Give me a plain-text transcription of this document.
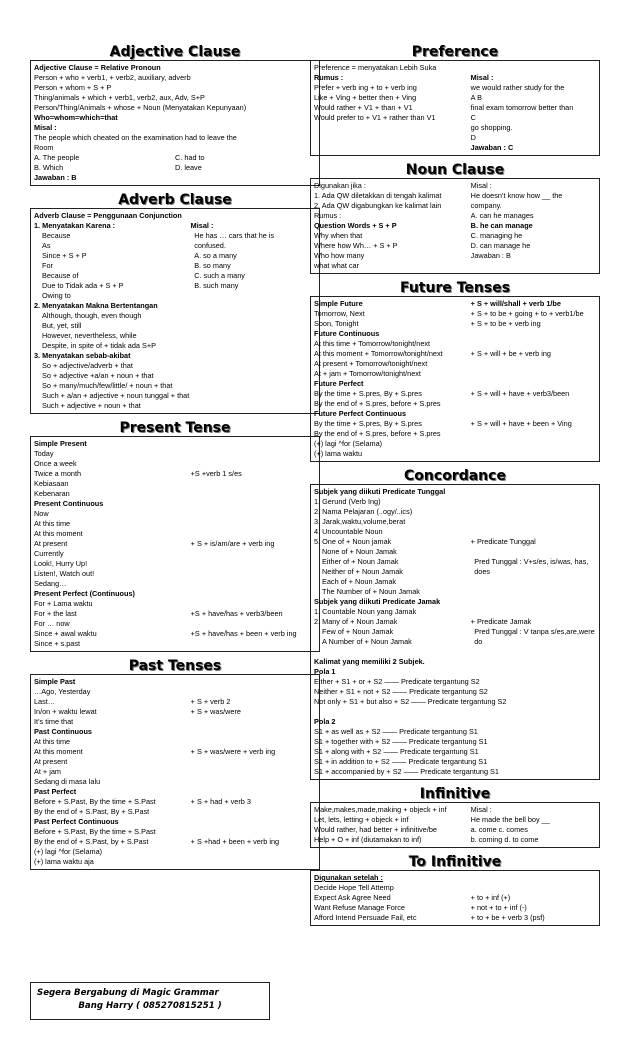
Adjective Clause
Adjective Clause = Relative Pronoun
Person + who + verb1, + verb2, auxiliary, adverb
Person + whom + S + P
Thing/animals + which + verb1, verb2, aux, Adv, S+P
Person/Thing/Animals + whose + Noun (Menyatakan Kepunyaan)
Who=whom=which=that
Misal :
The people which cheated on the examination had to leave the
Room
A. The people	C. had to
B. Which	D. leave
Jawaban : B
Adverb Clause
Adverb Clause = Penggunaan Conjunction
1. Menyatakan Karena :	Misal :
Because	He has … cars that he is
As	confused.
Since + S + P	A. so a many
For	B. so many
Because of	C. such a many
Due to Tidak ada + S + P	B. such many
Owing to
2. Menyatakan Makna Bertentangan
Although, though, even though
But, yet, still
However, nevertheless, while
Despite, in spite of + tidak ada S+P
3. Menyatakan sebab-akibat
So + adjective/adverb + that
So + adjective +a/an + noun + that
So + many/much/few/little/ + noun + that
Such + a/an + adjective + noun tunggal + that
Such + adjective + noun + that
Present Tense
Simple Present
Today
Once a week
Twice a month	+S +verb 1 s/es
Kebiasaan
Kebenaran
Present Continuous
Now
At this time
At this moment
At present	+ S + is/am/are + verb ing
Currently
Look!, Hurry Up!
Listen!, Watch out!
Sedang…
Present Perfect (Continuous)
For + Lama waktu
For + the last	+S + have/has + verb3/been
For … now
Since + awal waktu	+S + have/has + been + verb ing
Since + s.past
Past Tenses
Simple Past
…Ago, Yesterday
Last…	+ S + verb 2
In/on + waktu lewat	+ S + was/were
It’s time that
Past Continuous
At this time
At this moment	+ S + was/were + verb ing
At present
At + jam
Sedang di masa lalu
Past Perfect
Before + S.Past, By the time + S.Past	+ S + had + verb 3
By the end of + S.Past, By + S.Past
Past Perfect Continuous
Before + S.Past, By the time + S.Past
By the end of + S.Past, by + S.Past	+ S +had + been + verb ing
(+) lagi ^for (Selama)
(+) lama waktu aja
Preference
Preference = menyatakan Lebih Suka
Rumus :	Misal :
Prefer + verb ing + to + verb ing	we would rather study for the
Like + Ving + better then + Ving	A B
Would rather + V1 + than + V1	final exam tomorrow better than
Would prefer to + V1 + rather than V1	C

go shopping.

D

Jawaban : C
Noun Clause
Digunakan jika :	Misal :
1. Ada QW diletakkan di tengah kalimat	He doesn’t know how __ the
2. Ada QW digabungkan ke kalimat lain	company.
Rumus :	A. can he manages
Question Words + S + P	B. he can manage
Why when that	C. managing he
Where how Wh… + S + P	D. can manage he
Who how many	Jawaban : B
what what car
Future Tenses
Simple Future	+ S + will/shall + verb 1/be
Tomorrow, Next	+ S + to be + going + to + verb1/be
Soon, Tonight	+ S + to be + verb ing
Future Continuous
At this time + Tomorrow/tonight/next
At this moment + Tomorrow/tonight/next	+ S + will + be + verb ing
At present + Tomorrow/tonight/next
At + jam + Tomorrow/tonight/next
Future Perfect
By the time + S.pres, By + S.pres	+ S + will + have + verb3/been
By the end of + S.pres, before + S.pres
Future Perfect Continuous
By the time + S.pres, By + S.pres	+ S + will + have + been + Ving
By the end of + S.pres, before + S.pres
(+) lagi ^for (Selama)
(+) lama waktu
Concordance
Subjek yang diikuti Predicate Tunggal
1. Gerund (Verb Ing)
2. Nama Pelajaran (..ogy/..ics)
3. Jarak,waktu,volume,berat
4. Uncountable Noun
5. One of + Noun jamak	+ Predicate Tunggal
None of + Noun Jamak
Either of + Noun Jamak	Pred Tunggal : V+s/es, is/was, has,
Neither of + Noun Jamak	does
Each of + Noun Jamak
The Number of + Noun Jamak
Subjek yang diikuti Predicate Jamak
1. Countable Noun yang Jamak
2. Many of + Noun Jamak	+ Predicate Jamak
Few of + Noun Jamak	Pred Tunggal : V tanpa s/es,are,were
A Number of + Noun Jamak	do

Kalimat yang memiliki 2 Subjek.
Pola 1
Either + S1 + or + S2 —— Predicate tergantung S2
Neither + S1 + not + S2 —— Predicate tergantung S2
Not only + S1 + but also + S2 —— Predicate tergantung S2

Pola 2
S1 + as well as + S2 —— Predicate tergantung S1
S1 + together with + S2 —— Predicate tergantung S1
S1 + along with + S2 —— Predicate tergantung S1
S1 + in addition to + S2 —— Predicate tergantung S1
S1 + accompanied by + S2 —— Predicate tergantung S1
Infinitive
Make,makes,made,making + objeck + inf	Misal :
Let, lets, letting + objeck + inf	He made the bell boy __
Would rather, had better + infinitive/be	a. come c. comes
Help + O + inf (diutamakan to inf)	b. coming d. to come
To Infinitive
Digunakan setelah :
Decide Hope Tell Attemp
Expect Ask Agree Need	+ to + inf (+)
Want Refuse Manage Force	+ not + to + inf (-)
Afford Intend Persuade Fail, etc	+ to + be + verb 3 (psf)
Segera Bergabung di Magic Grammar
Bang Harry ( 085270815251 )
